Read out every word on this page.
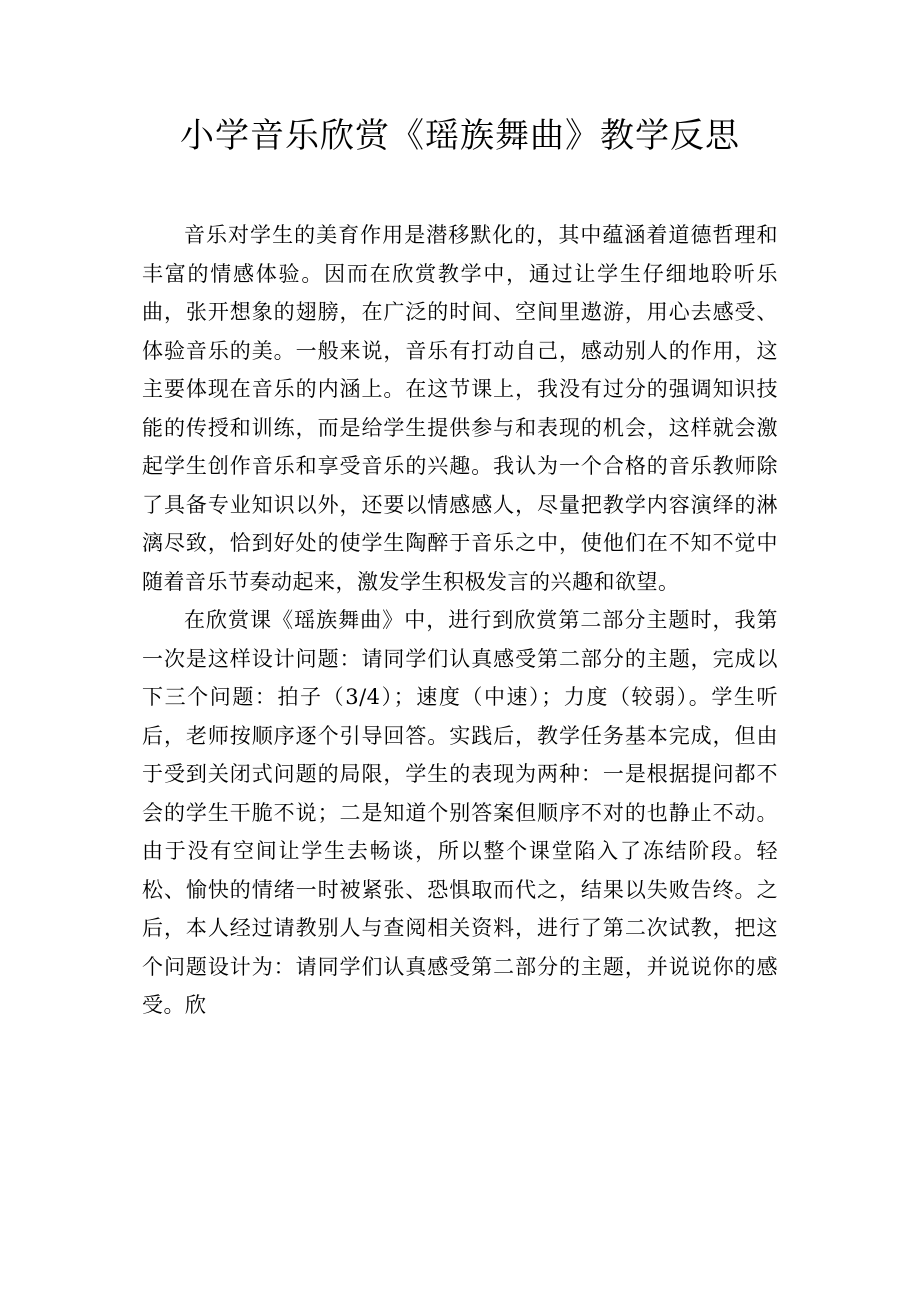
小学音乐欣赏《瑶族舞曲》教学反思

音乐对学生的美育作用是潜移默化的，其中蕴涵着道德哲理和丰富的情感体验。因而在欣赏教学中，通过让学生仔细地聆听乐曲，张开想象的翅膀，在广泛的时间、空间里遨游，用心去感受、体验音乐的美。一般来说，音乐有打动自己，感动别人的作用，这主要体现在音乐的内涵上。在这节课上，我没有过分的强调知识技能的传授和训练，而是给学生提供参与和表现的机会，这样就会激起学生创作音乐和享受音乐的兴趣。我认为一个合格的音乐教师除了具备专业知识以外，还要以情感感人，尽量把教学内容演绎的淋漓尽致，恰到好处的使学生陶醉于音乐之中，使他们在不知不觉中随着音乐节奏动起来，激发学生积极发言的兴趣和欲望。

在欣赏课《瑶族舞曲》中，进行到欣赏第二部分主题时，我第一次是这样设计问题：请同学们认真感受第二部分的主题，完成以下三个问题：拍子（3/4）；速度（中速）；力度（较弱）。学生听后，老师按顺序逐个引导回答。实践后，教学任务基本完成，但由于受到关闭式问题的局限，学生的表现为两种：一是根据提问都不会的学生干脆不说；二是知道个别答案但顺序不对的也静止不动。由于没有空间让学生去畅谈，所以整个课堂陷入了冻结阶段。轻松、愉快的情绪一时被紧张、恐惧取而代之，结果以失败告终。之后，本人经过请教别人与查阅相关资料，进行了第二次试教，把这个问题设计为：请同学们认真感受第二部分的主题，并说说你的感受。欣
